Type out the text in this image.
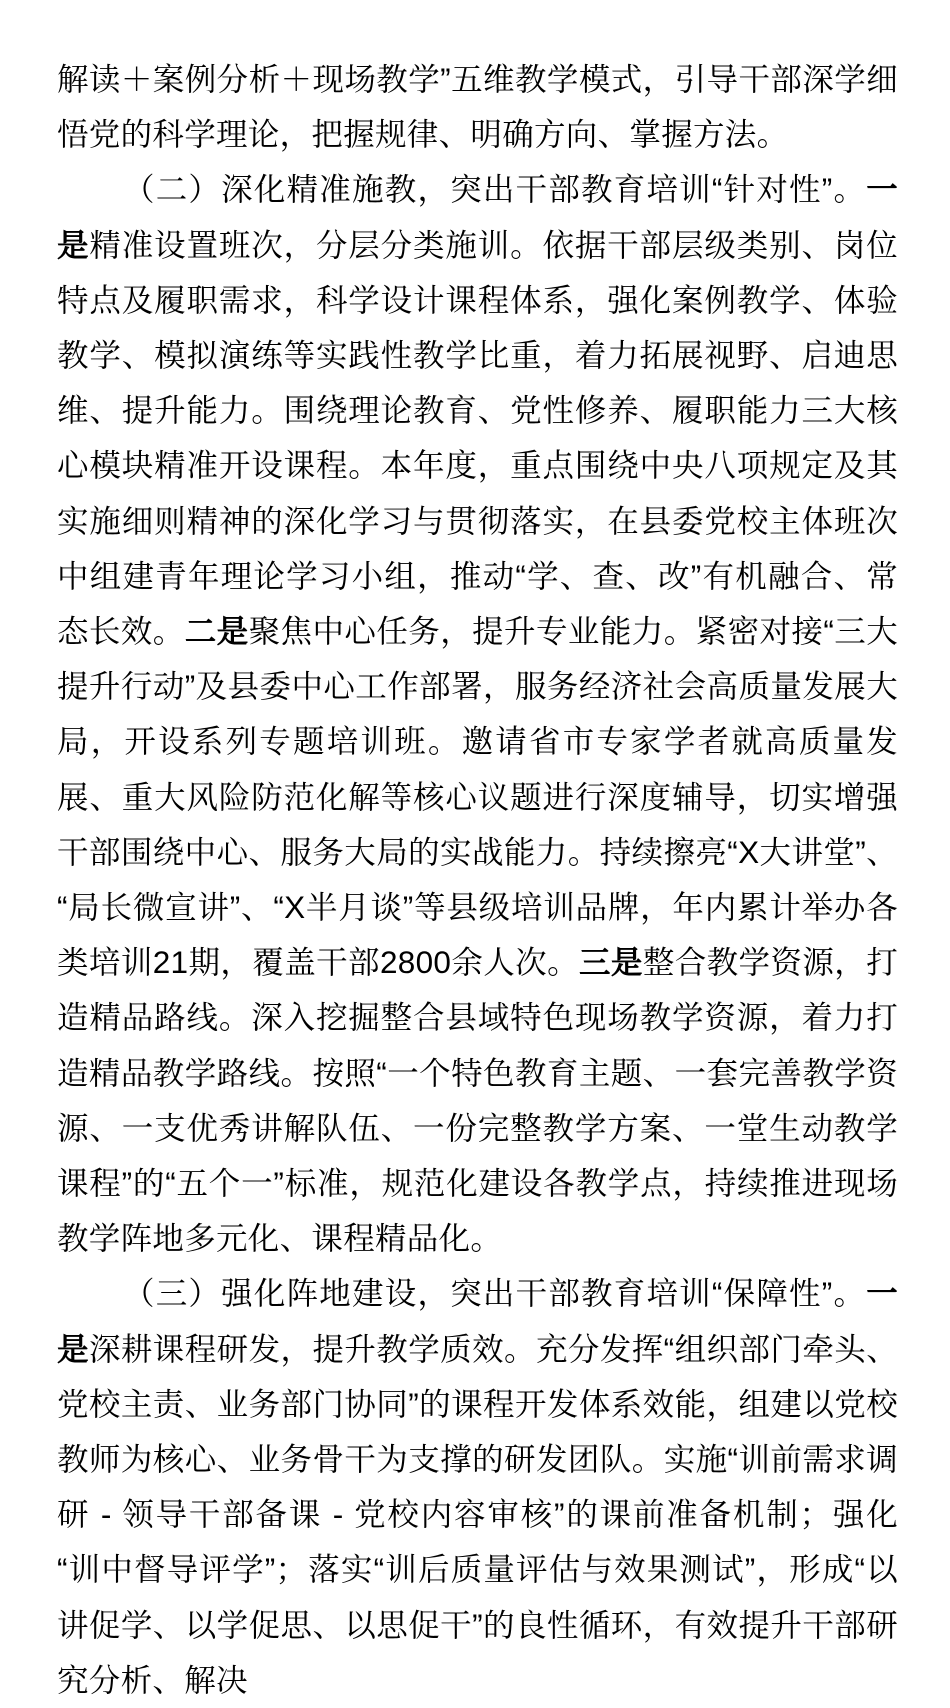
解读＋案例分析＋现场教学”五维教学模式，引导干部深学细悟党的科学理论，把握规律、明确方向、掌握方法。

（二）深化精准施教，突出干部教育培训“针对性”。一是精准设置班次，分层分类施训。依据干部层级类别、岗位特点及履职需求，科学设计课程体系，强化案例教学、体验教学、模拟演练等实践性教学比重，着力拓展视野、启迪思维、提升能力。围绕理论教育、党性修养、履职能力三大核心模块精准开设课程。本年度，重点围绕中央八项规定及其实施细则精神的深化学习与贯彻落实，在县委党校主体班次中组建青年理论学习小组，推动“学、查、改”有机融合、常态长效。二是聚焦中心任务，提升专业能力。紧密对接“三大提升行动”及县委中心工作部署，服务经济社会高质量发展大局，开设系列专题培训班。邀请省市专家学者就高质量发展、重大风险防范化解等核心议题进行深度辅导，切实增强干部围绕中心、服务大局的实战能力。持续擦亮“X大讲堂”、“局长微宣讲”、“X半月谈”等县级培训品牌，年内累计举办各类培训21期，覆盖干部2800余人次。三是整合教学资源，打造精品路线。深入挖掘整合县域特色现场教学资源，着力打造精品教学路线。按照“一个特色教育主题、一套完善教学资源、一支优秀讲解队伍、一份完整教学方案、一堂生动教学课程”的“五个一”标准，规范化建设各教学点，持续推进现场教学阵地多元化、课程精品化。

（三）强化阵地建设，突出干部教育培训“保障性”。一是深耕课程研发，提升教学质效。充分发挥“组织部门牵头、党校主责、业务部门协同”的课程开发体系效能，组建以党校教师为核心、业务骨干为支撑的研发团队。实施“训前需求调研 - 领导干部备课 - 党校内容审核”的课前准备机制；强化“训中督导评学”；落实“训后质量评估与效果测试”，形成“以讲促学、以学促思、以思促干”的良性循环，有效提升干部研究分析、解决
